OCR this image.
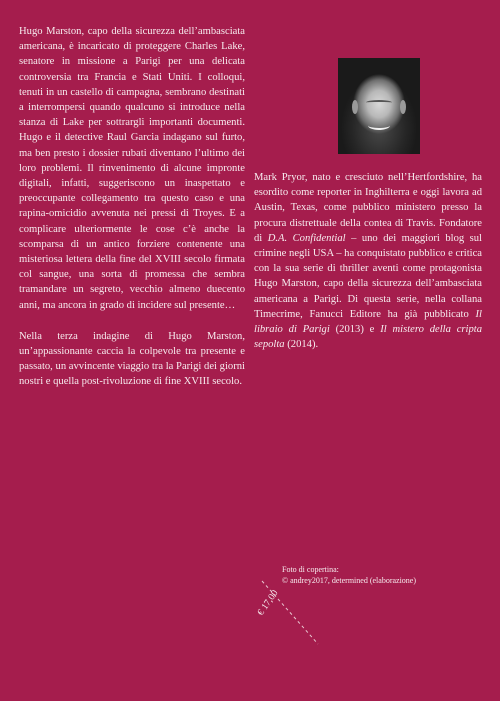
Hugo Marston, capo della sicurezza dell’ambasciata americana, è incaricato di proteggere Charles Lake, senatore in missione a Parigi per una delicata controversia tra Francia e Stati Uniti. I colloqui, tenuti in un castello di campagna, sembrano destinati a interrompersi quando qualcuno si introduce nella stanza di Lake per sottrargli importanti documenti. Hugo e il detective Raul Garcia indagano sul furto, ma ben presto i dossier rubati diventano l’ultimo dei loro problemi. Il rinvenimento di alcune impronte digitali, infatti, suggeriscono un inaspettato e preoccupante collegamento tra questo caso e una rapina-omicidio avvenuta nei pressi di Troyes. E a complicare ulteriormente le cose c’è anche la scomparsa di un antico forziere contenente una misteriosa lettera della fine del XVIII secolo firmata col sangue, una sorta di promessa che sembra tramandare un segreto, vecchio almeno duecento anni, ma ancora in grado di incidere sul presente…

Nella terza indagine di Hugo Marston, un’appassionante caccia la colpevole tra presente e passato, un avvincente viaggio tra la Parigi dei giorni nostri e quella post-rivoluzione di fine XVIII secolo.

Mark Pryor, nato e cresciuto nell’Hertfordshire, ha esordito come reporter in Inghilterra e oggi lavora ad Austin, Texas, come pubblico ministero presso la procura distrettuale della contea di Travis. Fondatore di D.A. Confidential – uno dei maggiori blog sul crimine negli USA – ha conquistato pubblico e critica con la sua serie di thriller aventi come protagonista Hugo Marston, capo della sicurezza dell’ambasciata americana a Parigi. Di questa serie, nella collana Timecrime, Fanucci Editore ha già pubblicato Il libraio di Parigi (2013) e Il mistero della cripta sepolta (2014).

Foto di copertina:
© andrey2017, determined (elaborazione)
€ 17,00
